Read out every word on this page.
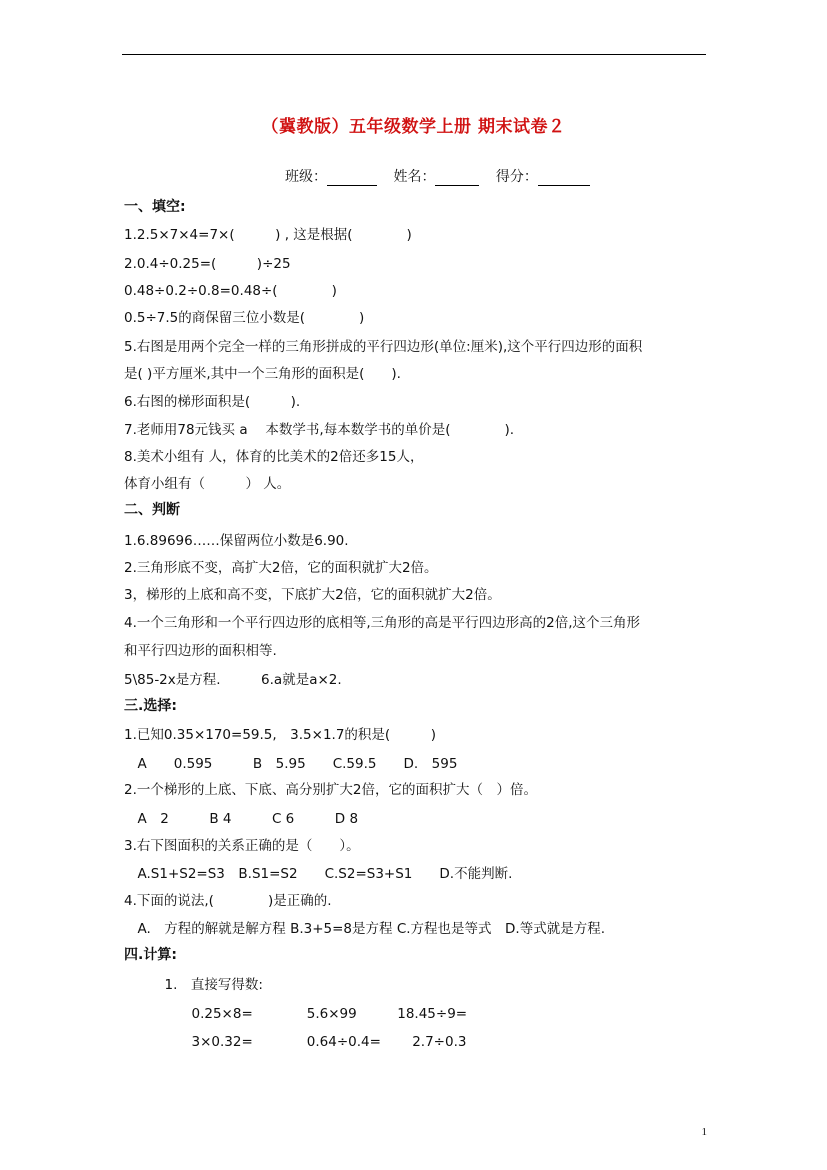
（冀教版）五年级数学上册 期末试卷２
班级：	姓名：	得分：
一、填空:
1.2.5×7×4=7×(　　　) , 这是根据(　　　　)
2.0.4÷0.25=(　　　)÷25
0.48÷0.2÷0.8=0.48÷(　　　　)
0.5÷7.5的商保留三位小数是(　　　　)
5.右图是用两个完全一样的三角形拼成的平行四边形(单位:厘米),这个平行四边形的面积
是( )平方厘米,其中一个三角形的面积是(　　).
6.右图的梯形面积是(　　　).
7.老师用78元钱买 a　 本数学书,每本数学书的单价是(　　　　).
8.美术小组有 人，体育的比美术的2倍还多15人，
体育小组有（　　　） 人。
二、判断
1.6.89696……保留两位小数是6.90.
2.三角形底不变，高扩大2倍，它的面积就扩大2倍。
3，梯形的上底和高不变，下底扩大2倍，它的面积就扩大2倍。
4.一个三角形和一个平行四边形的底相等,三角形的高是平行四边形高的2倍,这个三角形
和平行四边形的面积相等.
5\85-2x是方程.　　　6.a就是a×2.
三.选择:
1.已知0.35×170=59.5,　3.5×1.7的积是(　　　)
　A　　0.595　　　B　5.95　　C.59.5　　D.　595
2.一个梯形的上底、下底、高分别扩大2倍，它的面积扩大（　）倍。
　A　2　　　B 4　　　C 6　　　D 8
3.右下图面积的关系正确的是（　　）。
　A.S1+S2=S3　B.S1=S2　　C.S2=S3+S1　　D.不能判断.
4.下面的说法,(　　　　)是正确的.
　A.　方程的解就是解方程 B.3+5=8是方程 C.方程也是等式　D.等式就是方程.
四.计算:
　　　1.　直接写得数:
　　　　　0.25×8=　　　　5.6×99　　　18.45÷9=
　　　　　3×0.32=　　　　0.64÷0.4=　　 2.7÷0.3
1
